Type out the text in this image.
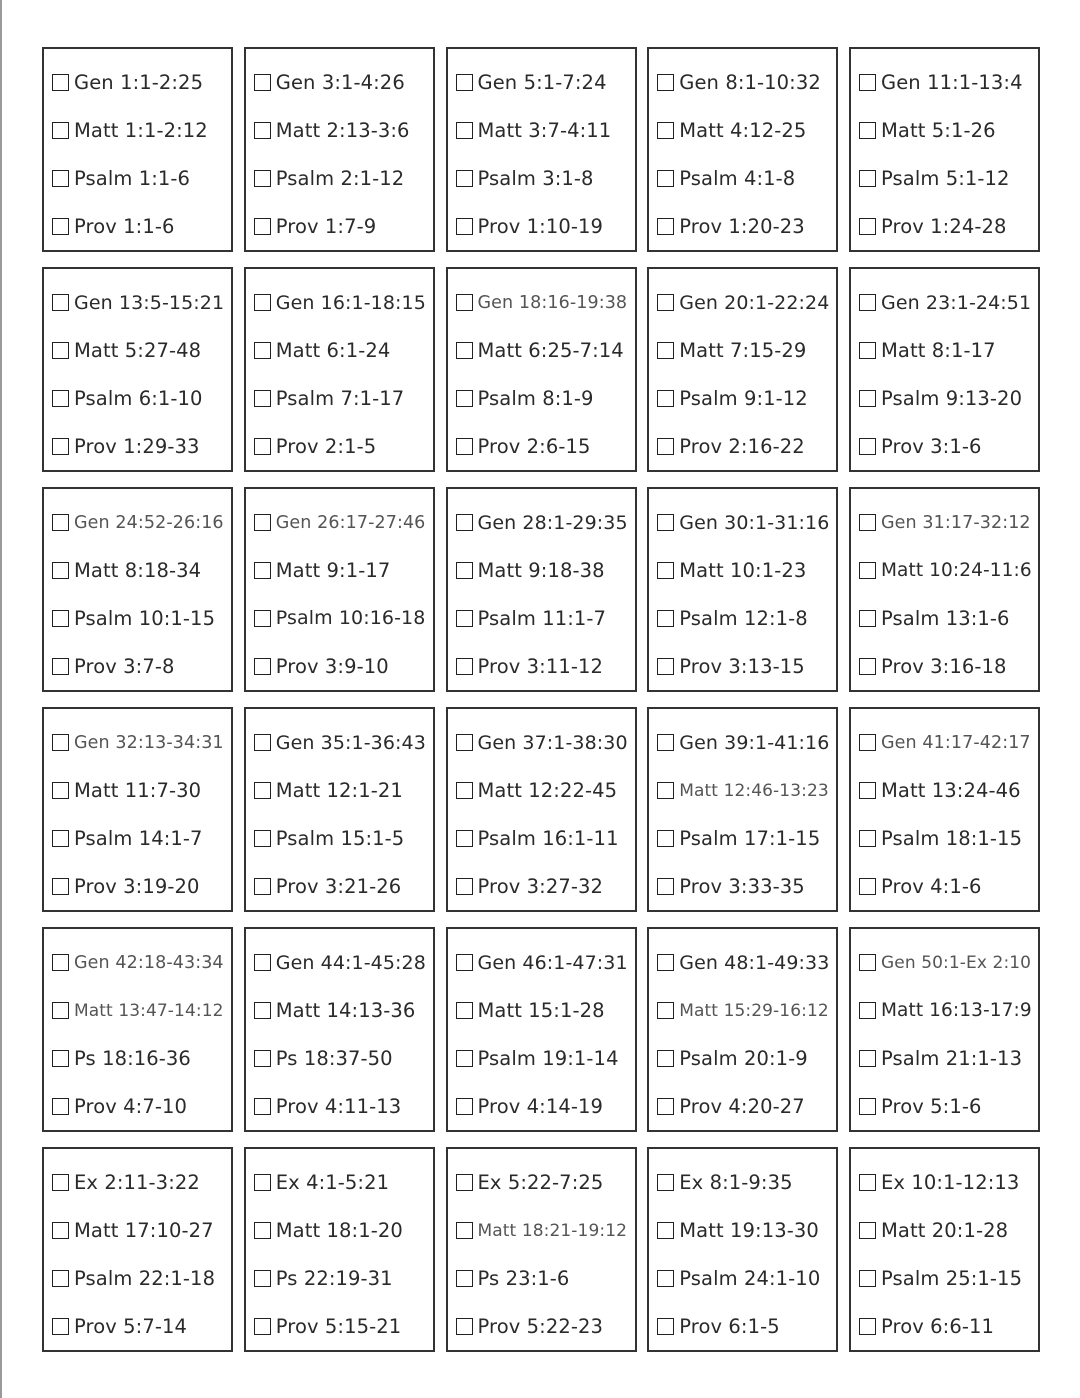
Gen 1:1-2:25
Matt 1:1-2:12
Psalm 1:1-6
Prov 1:1-6
Gen 3:1-4:26
Matt 2:13-3:6
Psalm 2:1-12
Prov 1:7-9
Gen 5:1-7:24
Matt 3:7-4:11
Psalm 3:1-8
Prov 1:10-19
Gen 8:1-10:32
Matt 4:12-25
Psalm 4:1-8
Prov 1:20-23
Gen 11:1-13:4
Matt 5:1-26
Psalm 5:1-12
Prov 1:24-28
Gen 13:5-15:21
Matt 5:27-48
Psalm 6:1-10
Prov 1:29-33
Gen 16:1-18:15
Matt 6:1-24
Psalm 7:1-17
Prov 2:1-5
Gen 18:16-19:38
Matt 6:25-7:14
Psalm 8:1-9
Prov 2:6-15
Gen 20:1-22:24
Matt 7:15-29
Psalm 9:1-12
Prov 2:16-22
Gen 23:1-24:51
Matt 8:1-17
Psalm 9:13-20
Prov 3:1-6
Gen 24:52-26:16
Matt 8:18-34
Psalm 10:1-15
Prov 3:7-8
Gen 26:17-27:46
Matt 9:1-17
Psalm 10:16-18
Prov 3:9-10
Gen 28:1-29:35
Matt 9:18-38
Psalm 11:1-7
Prov 3:11-12
Gen 30:1-31:16
Matt 10:1-23
Psalm 12:1-8
Prov 3:13-15
Gen 31:17-32:12
Matt 10:24-11:6
Psalm 13:1-6
Prov 3:16-18
Gen 32:13-34:31
Matt 11:7-30
Psalm 14:1-7
Prov 3:19-20
Gen 35:1-36:43
Matt 12:1-21
Psalm 15:1-5
Prov 3:21-26
Gen 37:1-38:30
Matt 12:22-45
Psalm 16:1-11
Prov 3:27-32
Gen 39:1-41:16
Matt 12:46-13:23
Psalm 17:1-15
Prov 3:33-35
Gen 41:17-42:17
Matt 13:24-46
Psalm 18:1-15
Prov 4:1-6
Gen 42:18-43:34
Matt 13:47-14:12
Ps 18:16-36
Prov 4:7-10
Gen 44:1-45:28
Matt 14:13-36
Ps 18:37-50
Prov 4:11-13
Gen 46:1-47:31
Matt 15:1-28
Psalm 19:1-14
Prov 4:14-19
Gen 48:1-49:33
Matt 15:29-16:12
Psalm 20:1-9
Prov 4:20-27
Gen 50:1-Ex 2:10
Matt 16:13-17:9
Psalm 21:1-13
Prov 5:1-6
Ex 2:11-3:22
Matt 17:10-27
Psalm 22:1-18
Prov 5:7-14
Ex 4:1-5:21
Matt 18:1-20
Ps 22:19-31
Prov 5:15-21
Ex 5:22-7:25
Matt 18:21-19:12
Ps 23:1-6
Prov 5:22-23
Ex 8:1-9:35
Matt 19:13-30
Psalm 24:1-10
Prov 6:1-5
Ex 10:1-12:13
Matt 20:1-28
Psalm 25:1-15
Prov 6:6-11
